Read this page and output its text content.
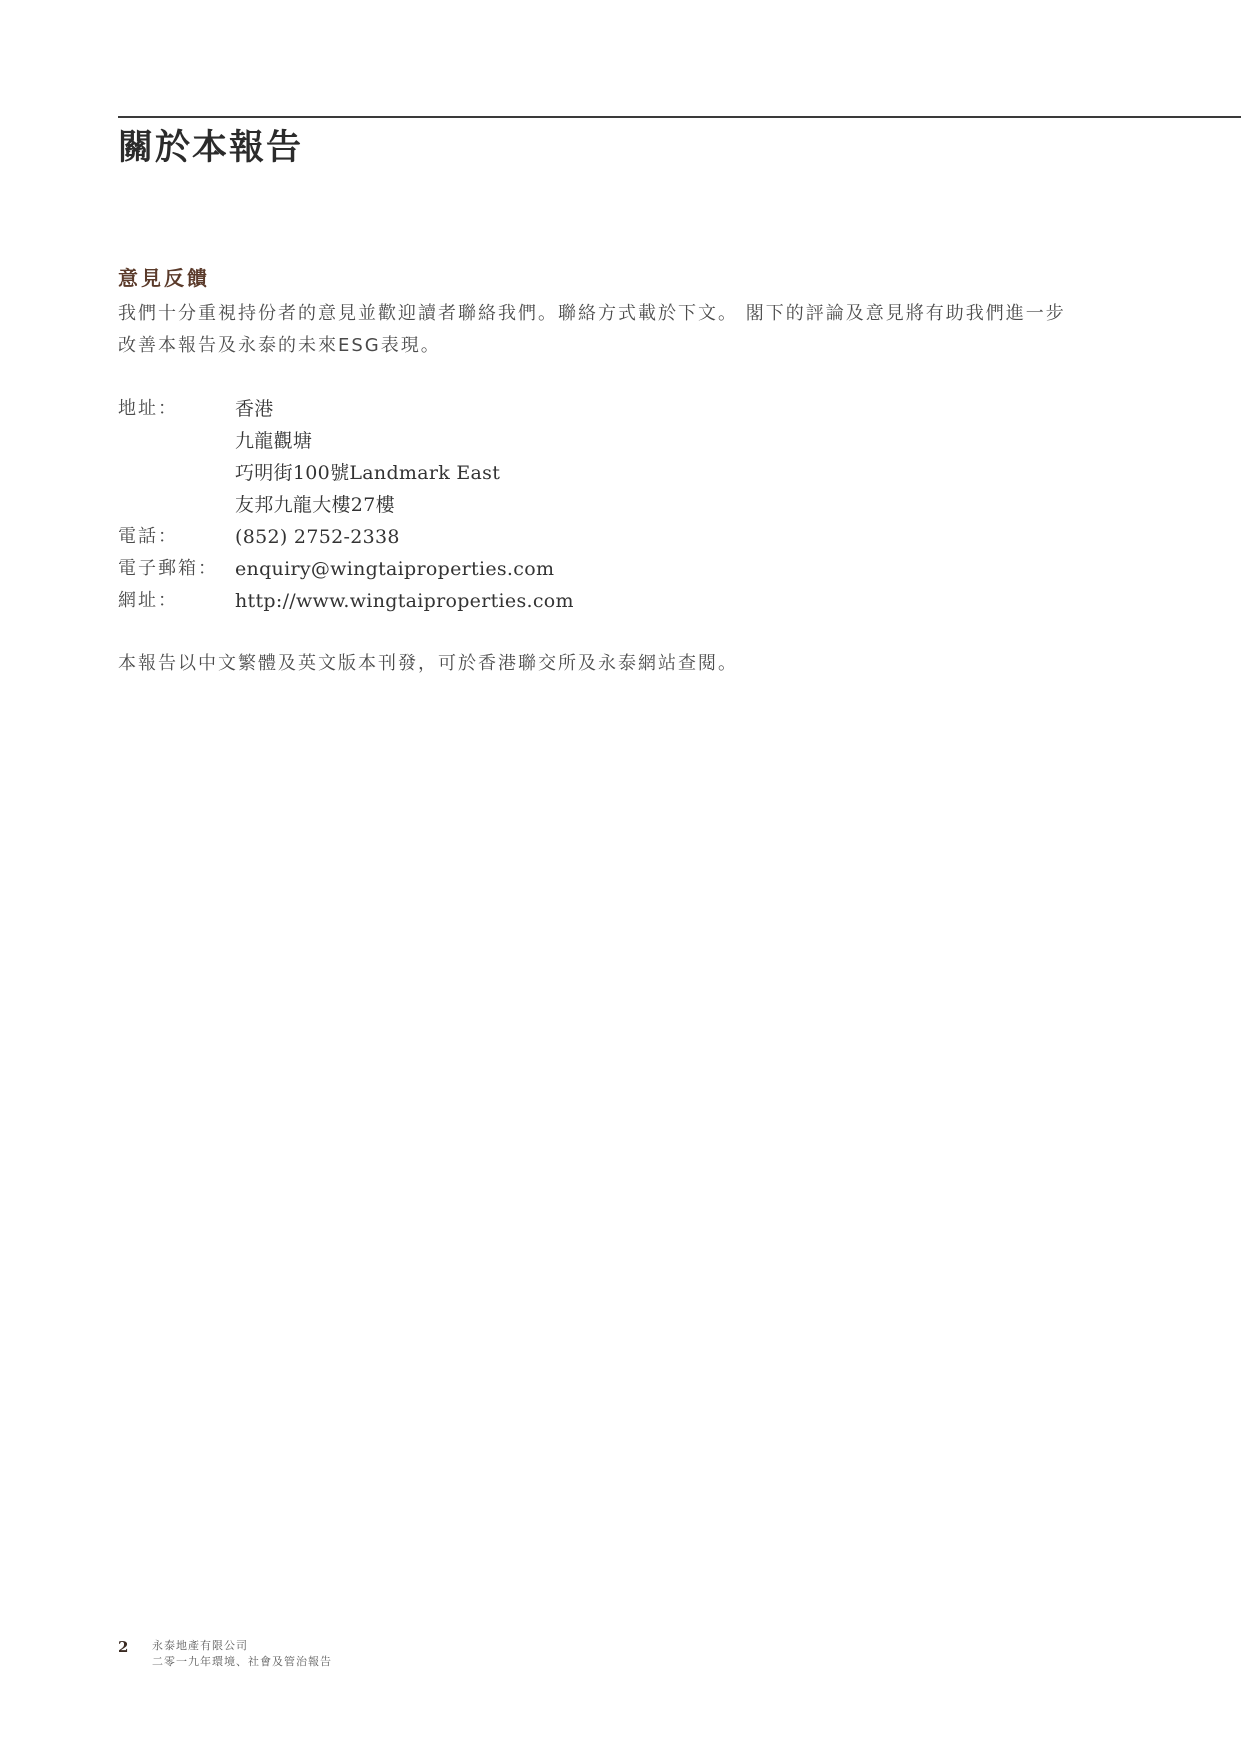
關於本報告
意見反饋

我們十分重視持份者的意見並歡迎讀者聯絡我們。聯絡方式載於下文。 閣下的評論及意見將有助我們進一步
改善本報告及永泰的未來ESG表現。

地址：	香港
九龍觀塘
巧明街100號Landmark East
友邦九龍大樓27樓
電話：	(852) 2752-2338
電子郵箱： enquiry@wingtaiproperties.com
網址：	http://www.wingtaiproperties.com

本報告以中文繁體及英文版本刊發，可於香港聯交所及永泰網站查閱。

2	永泰地產有限公司
二零一九年環境、社會及管治報告
